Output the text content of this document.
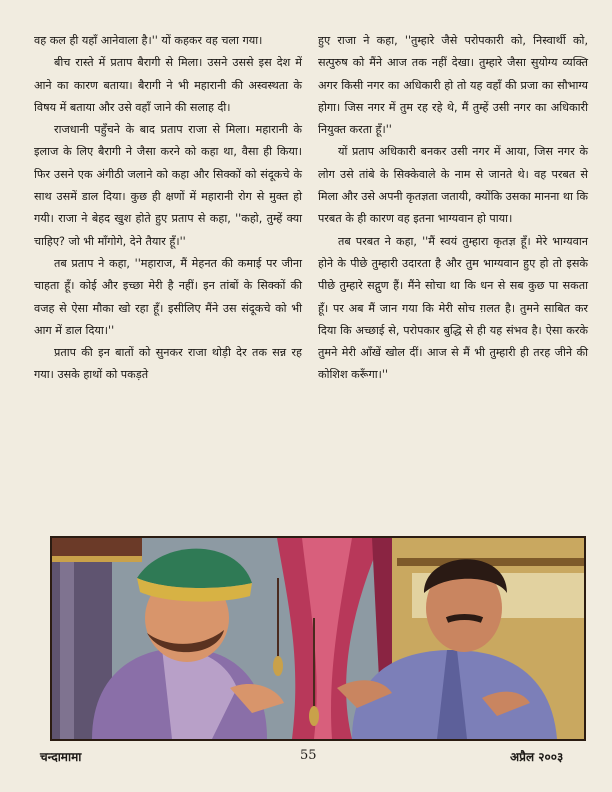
वह कल ही यहाँ आनेवाला है।'' यों कहकर वह चला गया।

बीच रास्ते में प्रताप बैरागी से मिला। उसने उससे इस देश में आने का कारण बताया। बैरागी ने भी महारानी की अस्वस्थता के विषय में बताया और उसे वहाँ जाने की सलाह दी।

राजधानी पहुँचने के बाद प्रताप राजा से मिला। महारानी के इलाज के लिए बैरागी ने जैसा करने को कहा था, वैसा ही किया। फिर उसने एक अंगीठी जलाने को कहा और सिक्कों को संदूकचे के साथ उसमें डाल दिया। कुछ ही क्षणों में महारानी रोग से मुक्त हो गयी। राजा ने बेहद खुश होते हुए प्रताप से कहा, ''कहो, तुम्हें क्या चाहिए? जो भी माँगोगे, देने तैयार हूँ।''

तब प्रताप ने कहा, ''महाराज, मैं मेहनत की कमाई पर जीना चाहता हूँ। कोई और इच्छा मेरी है नहीं। इन तांबों के सिक्कों की वजह से ऐसा मौका खो रहा हूँ। इसीलिए मैंने उस संदूकचे को भी आग में डाल दिया।''

प्रताप की इन बातों को सुनकर राजा थोड़ी देर तक सन्न रह गया। उसके हाथों को पकड़ते

हुए राजा ने कहा, ''तुम्हारे जैसे परोपकारी को, निस्वार्थी को, सत्पुरुष को मैंने आज तक नहीं देखा। तुम्हारे जैसा सुयोग्य व्यक्ति अगर किसी नगर का अधिकारी हो तो यह वहाँ की प्रजा का सौभाग्य होगा। जिस नगर में तुम रह रहे थे, मैं तुम्हें उसी नगर का अधिकारी नियुक्त करता हूँ।''

यों प्रताप अधिकारी बनकर उसी नगर में आया, जिस नगर के लोग उसे तांबे के सिक्केवाले के नाम से जानते थे। वह परबत से मिला और उसे अपनी कृतज्ञता जतायी, क्योंकि उसका मानना था कि परबत के ही कारण वह इतना भाग्यवान हो पाया।

तब परबत ने कहा, ''मैं स्वयं तुम्हारा कृतज्ञ हूँ। मेरे भाग्यवान होने के पीछे तुम्हारी उदारता है और तुम भाग्यवान हुए हो तो इसके पीछे तुम्हारे सद्गुण हैं। मैंने सोचा था कि धन से सब कुछ पा सकता हूँ। पर अब मैं जान गया कि मेरी सोच ग़लत है। तुमने साबित कर दिया कि अच्छाई से, परोपकार बुद्धि से ही यह संभव है। ऐसा करके तुमने मेरी आँखें खोल दीं। आज से मैं भी तुम्हारी ही तरह जीने की कोशिश करूँगा।''

चन्दामामा	55	अप्रैल २००३
